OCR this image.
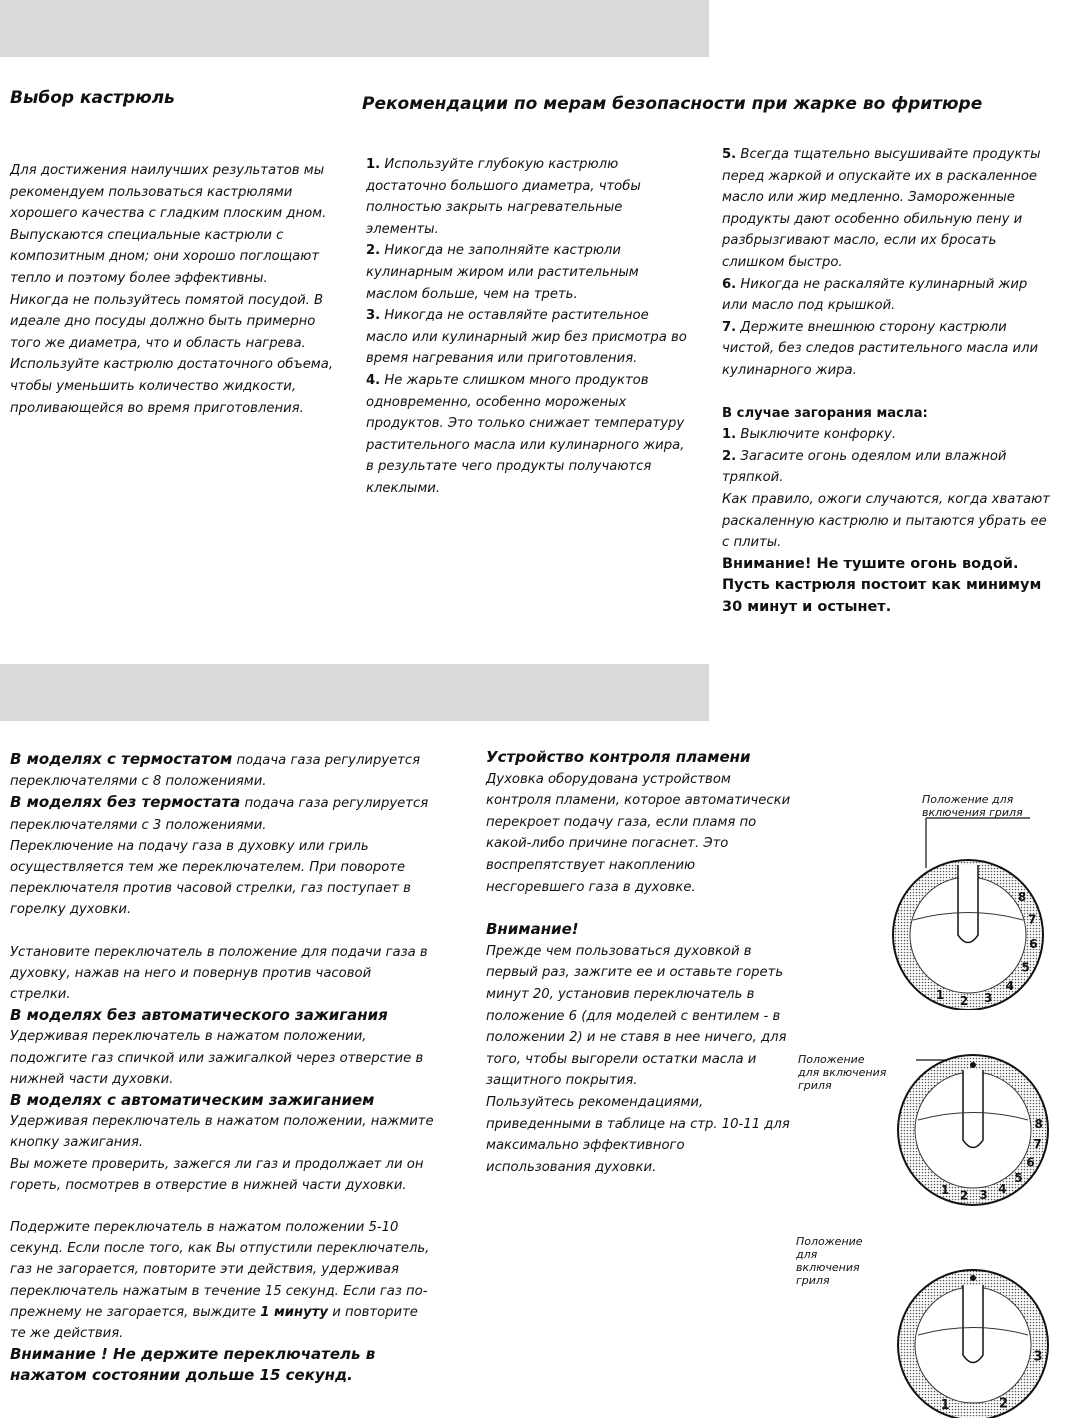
Выбор кастрюль	Рекомендации по мерам безопасности при жарке во фритюре

Для достижения наилучших результатов мы рекомендуем пользоваться кастрюлями хорошего качества с гладким плоским дном. Выпускаются специальные кастрюли с композитным дном; они хорошо поглощают тепло и поэтому более эффективны.

Никогда не пользуйтесь помятой посудой. В идеале дно посуды должно быть примерно того же диаметра, что и область нагрева.

Используйте кастрюлю достаточного объема, чтобы уменьшить количество жидкости, проливающейся во время приготовления.

1. Используйте глубокую кастрюлю достаточно большого диаметра, чтобы полностью закрыть нагревательные элементы.

2. Никогда не заполняйте кастрюли кулинарным жиром или растительным маслом больше, чем на треть.

3. Никогда не оставляйте растительное масло или кулинарный жир без присмотра во время нагревания или приготовления.

4. Не жарьте слишком много продуктов одновременно, особенно мороженых продуктов. Это только снижает температуру растительного масла или кулинарного жира, в результате чего продукты получаются клеклыми.

5. Всегда тщательно высушивайте продукты перед жаркой и опускайте их в раскаленное масло или жир медленно. Замороженные продукты дают особенно обильную пену и разбрызгивают масло, если их бросать слишком быстро.

6. Никогда не раскаляйте кулинарный жир или масло под крышкой.

7. Держите внешнюю сторону кастрюли чистой, без следов растительного масла или кулинарного жира.

В случае загорания масла:

1. Выключите конфорку.

2. Загасите огонь одеялом или влажной тряпкой.

Как правило, ожоги случаются, когда хватают раскаленную кастрюлю и пытаются убрать ее с плиты.

Внимание! Не тушите огонь водой. Пусть кастрюля постоит как минимум 30 минут и остынет.

В моделях с термостатом подача газа регулируется переключателями с 8 положениями.

В моделях без термостата подача газа регулируется переключателями с 3 положениями.

Переключение на подачу газа в духовку или гриль осуществляется тем же переключателем. При повороте переключателя против часовой стрелки, газ поступает в горелку духовки.

Установите переключатель в положение для подачи газа в духовку, нажав на него и повернув против часовой стрелки.

В моделях без автоматического зажигания

Удерживая переключатель в нажатом положении, подожгите газ спичкой или зажигалкой через отверстие в нижней части духовки.

В моделях с автоматическим зажиганием

Удерживая переключатель в нажатом положении, нажмите кнопку зажигания.

Вы можете проверить, зажегся ли газ и продолжает ли он гореть, посмотрев в отверстие в нижней части духовки.

Подержите переключатель в нажатом положении 5-10 секунд. Если после того, как Вы отпустили переключатель, газ не загорается, повторите эти действия, удерживая переключатель нажатым в течение 15 секунд. Если газ по-прежнему не загорается, выждите 1 минуту и повторите те же действия.

Внимание ! Не держите переключатель в нажатом состоянии дольше 15 секунд.

Устройство контроля пламени

Духовка оборудована устройством контроля пламени, которое автоматически перекроет подачу газа, если пламя по какой-либо причине погаснет. Это воспрепятствует накоплению несгоревшего газа в духовке.

Внимание!

Прежде чем пользоваться духовкой в первый раз, зажгите ее и оставьте гореть минут 20, установив переключатель в положение 6 (для моделей с вентилем - в положении 2) и не ставя в нее ничего, для того, чтобы выгорели остатки масла и защитного покрытия.

Пользуйтесь рекомендациями, приведенными в таблице на стр. 10-11 для максимально эффективного использования духовки.

Положение для включения гриля
Положение для включения гриля
Положение для включения гриля
8
7
6
5
4
3
2
1
8
7
6
5
4
3
2
1
3
2
1
